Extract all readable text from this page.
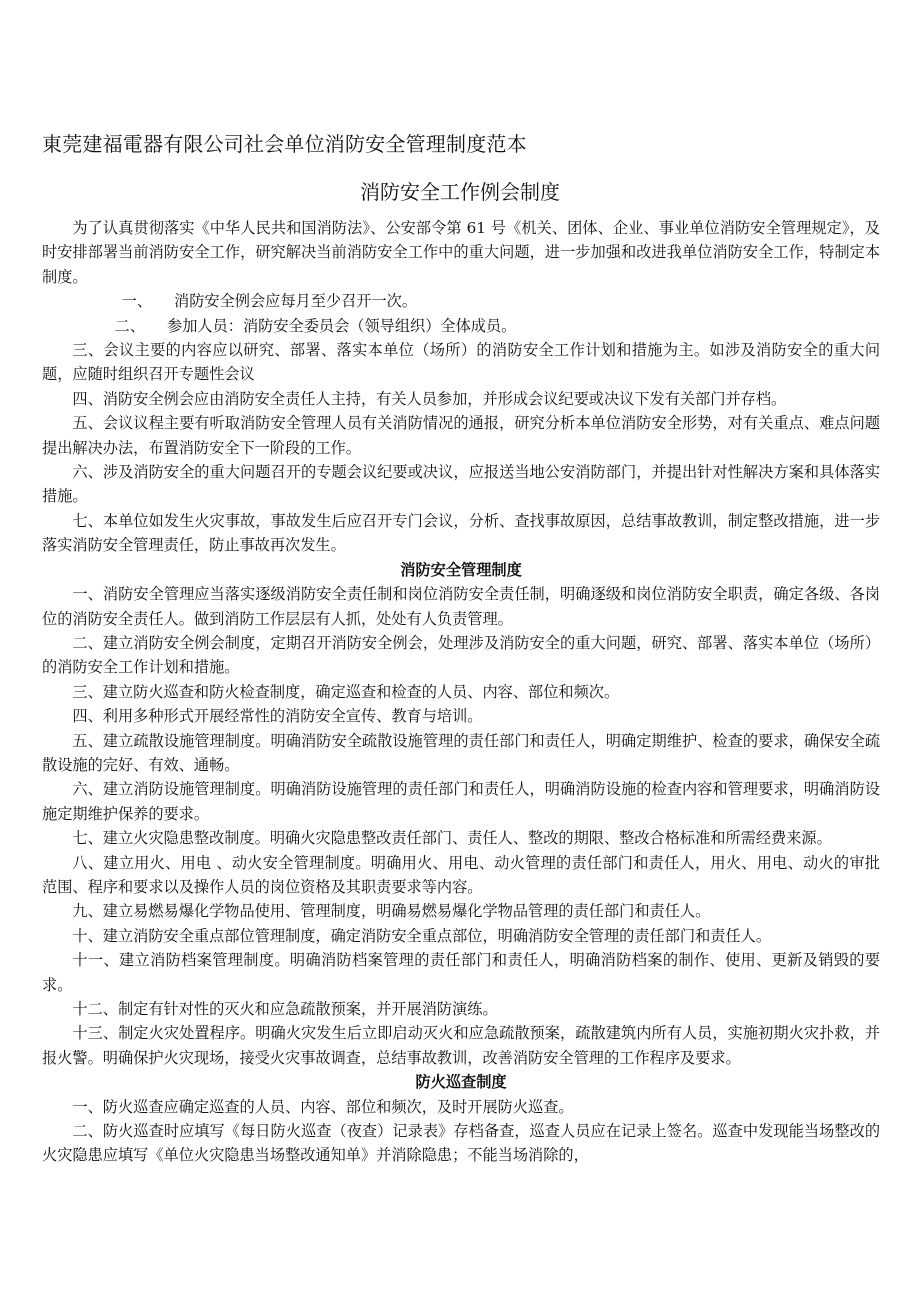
東莞建福電器有限公司社会单位消防安全管理制度范本
消防安全工作例会制度

为了认真贯彻落实《中华人民共和国消防法》、公安部令第 61 号《机关、团体、企业、事业单位消防安全管理规定》，及时安排部署当前消防安全工作，研究解决当前消防安全工作中的重大问题，进一步加强和改进我单位消防安全工作，特制定本制度。

一、 消防安全例会应每月至少召开一次。

二、 参加人员：消防安全委员会（领导组织）全体成员。

三、会议主要的内容应以研究、部署、落实本单位（场所）的消防安全工作计划和措施为主。如涉及消防安全的重大问题，应随时组织召开专题性会议

四、消防安全例会应由消防安全责任人主持，有关人员参加，并形成会议纪要或决议下发有关部门并存档。

五、会议议程主要有听取消防安全管理人员有关消防情况的通报，研究分析本单位消防安全形势，对有关重点、难点问题提出解决办法，布置消防安全下一阶段的工作。

六、涉及消防安全的重大问题召开的专题会议纪要或决议，应报送当地公安消防部门，并提出针对性解决方案和具体落实措施。

七、本单位如发生火灾事故，事故发生后应召开专门会议，分析、查找事故原因，总结事故教训，制定整改措施，进一步落实消防安全管理责任，防止事故再次发生。

消防安全管理制度

一、消防安全管理应当落实逐级消防安全责任制和岗位消防安全责任制，明确逐级和岗位消防安全职责，确定各级、各岗位的消防安全责任人。做到消防工作层层有人抓，处处有人负责管理。

二、建立消防安全例会制度，定期召开消防安全例会，处理涉及消防安全的重大问题，研究、部署、落实本单位（场所）的消防安全工作计划和措施。

三、建立防火巡查和防火检查制度，确定巡查和检查的人员、内容、部位和频次。

四、利用多种形式开展经常性的消防安全宣传、教育与培训。

五、建立疏散设施管理制度。明确消防安全疏散设施管理的责任部门和责任人，明确定期维护、检查的要求，确保安全疏散设施的完好、有效、通畅。

六、建立消防设施管理制度。明确消防设施管理的责任部门和责任人，明确消防设施的检查内容和管理要求，明确消防设施定期维护保养的要求。

七、建立火灾隐患整改制度。明确火灾隐患整改责任部门、责任人、整改的期限、整改合格标准和所需经费来源。

八、建立用火、用电 、动火安全管理制度。明确用火、用电、动火管理的责任部门和责任人，用火、用电、动火的审批范围、程序和要求以及操作人员的岗位资格及其职责要求等内容。

九、建立易燃易爆化学物品使用、管理制度，明确易燃易爆化学物品管理的责任部门和责任人。

十、建立消防安全重点部位管理制度，确定消防安全重点部位，明确消防安全管理的责任部门和责任人。

十一、建立消防档案管理制度。明确消防档案管理的责任部门和责任人，明确消防档案的制作、使用、更新及销毁的要求。

十二、制定有针对性的灭火和应急疏散预案，并开展消防演练。

十三、制定火灾处置程序。明确火灾发生后立即启动灭火和应急疏散预案，疏散建筑内所有人员，实施初期火灾扑救，并报火警。明确保护火灾现场，接受火灾事故调查，总结事故教训，改善消防安全管理的工作程序及要求。

防火巡查制度

一、防火巡查应确定巡查的人员、内容、部位和频次，及时开展防火巡查。

二、防火巡查时应填写《每日防火巡查（夜查）记录表》存档备查，巡查人员应在记录上签名。巡查中发现能当场整改的火灾隐患应填写《单位火灾隐患当场整改通知单》并消除隐患；不能当场消除的，
